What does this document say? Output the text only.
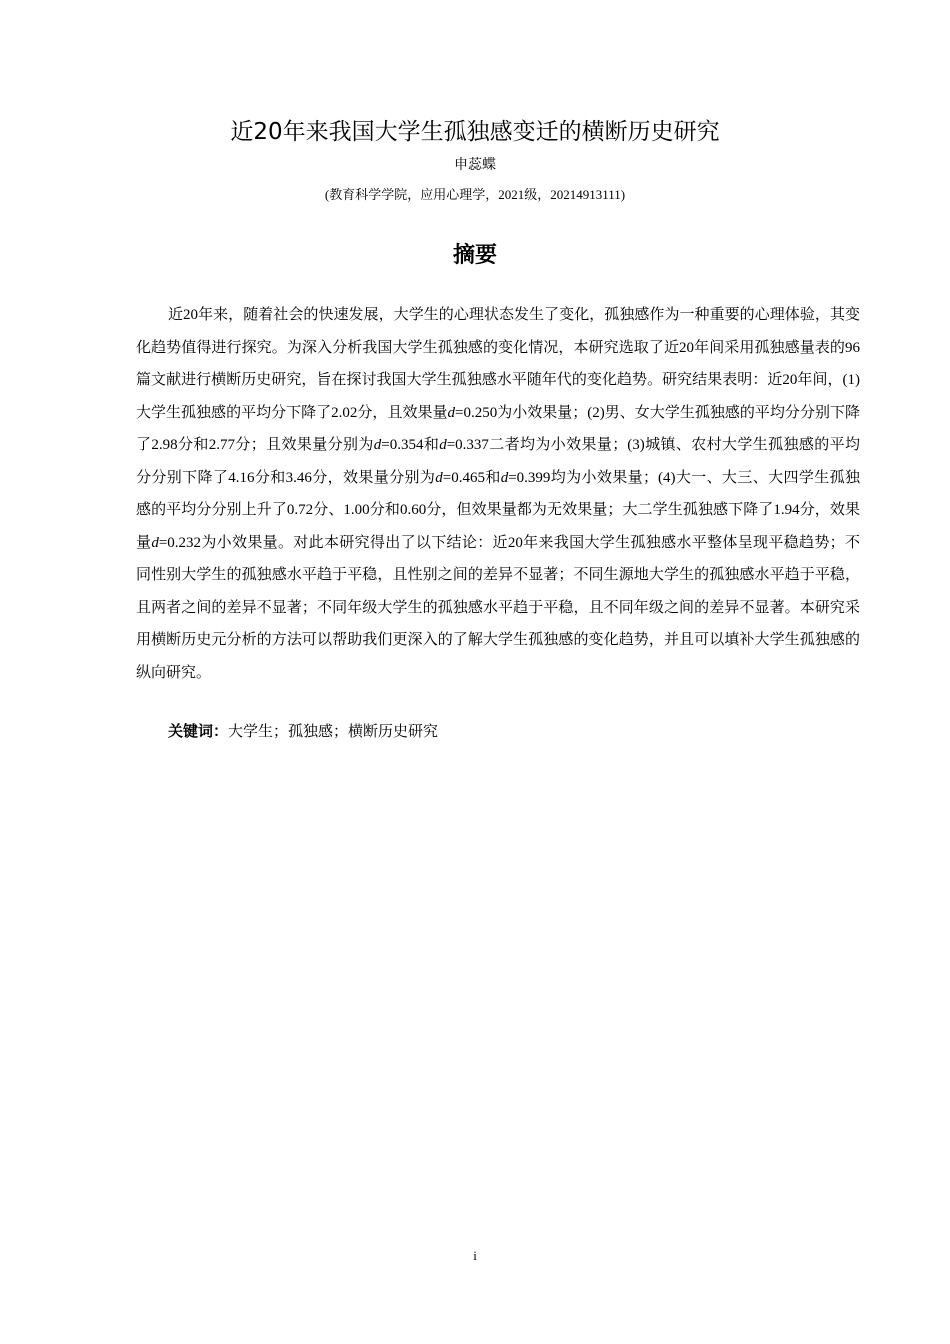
近20年来我国大学生孤独感变迁的横断历史研究
申蕊蝶
(教育科学学院，应用心理学，2021级，20214913111)
摘要

近20年来，随着社会的快速发展，大学生的心理状态发生了变化，孤独感作为一种重要的心理体验，其变化趋势值得进行探究。为深入分析我国大学生孤独感的变化情况，本研究选取了近20年间采用孤独感量表的96篇文献进行横断历史研究，旨在探讨我国大学生孤独感水平随年代的变化趋势。研究结果表明：近20年间，(1)大学生孤独感的平均分下降了2.02分，且效果量d=0.250为小效果量；(2)男、女大学生孤独感的平均分分别下降了2.98分和2.77分；且效果量分别为d=0.354和d=0.337二者均为小效果量；(3)城镇、农村大学生孤独感的平均分分别下降了4.16分和3.46分，效果量分别为d=0.465和d=0.399均为小效果量；(4)大一、大三、大四学生孤独感的平均分分别上升了0.72分、1.00分和0.60分，但效果量都为无效果量；大二学生孤独感下降了1.94分，效果量d=0.232为小效果量。对此本研究得出了以下结论：近20年来我国大学生孤独感水平整体呈现平稳趋势；不同性别大学生的孤独感水平趋于平稳，且性别之间的差异不显著；不同生源地大学生的孤独感水平趋于平稳，且两者之间的差异不显著；不同年级大学生的孤独感水平趋于平稳，且不同年级之间的差异不显著。本研究采用横断历史元分析的方法可以帮助我们更深入的了解大学生孤独感的变化趋势，并且可以填补大学生孤独感的纵向研究。

关键词：大学生；孤独感；横断历史研究
i
